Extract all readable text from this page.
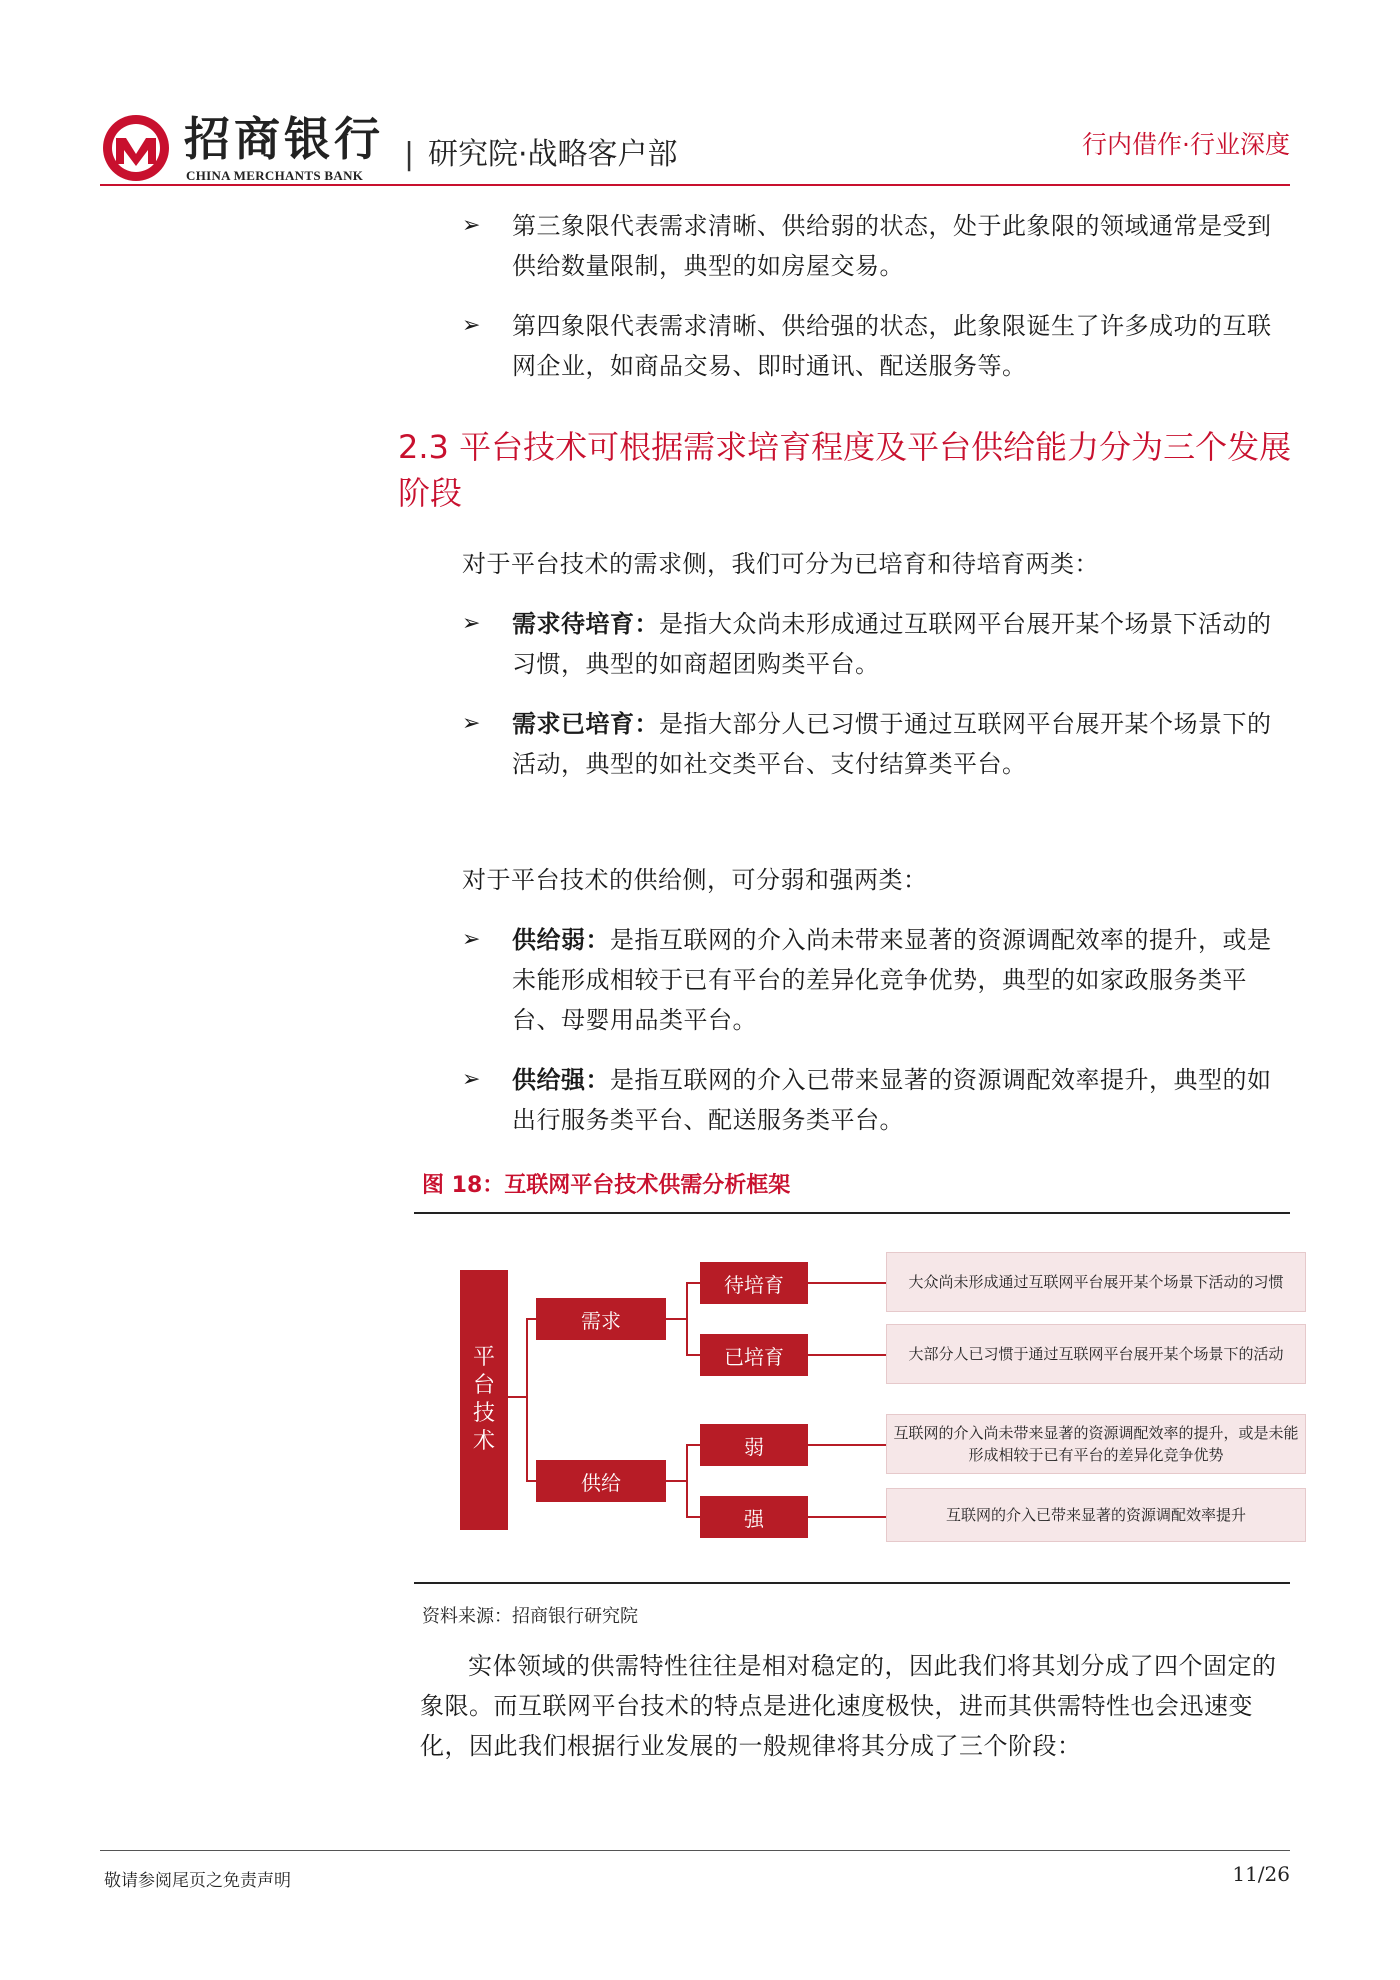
招商银行
CHINA MERCHANTS BANK
| 研究院·战略客户部	行内借作·行业深度
➢	第三象限代表需求清晰、供给弱的状态，处于此象限的领域通常是受到供给数量限制，典型的如房屋交易。
➢	第四象限代表需求清晰、供给强的状态，此象限诞生了许多成功的互联网企业，如商品交易、即时通讯、配送服务等。
2.3 平台技术可根据需求培育程度及平台供给能力分为三个发展阶段
对于平台技术的需求侧，我们可分为已培育和待培育两类：
➢	需求待培育：是指大众尚未形成通过互联网平台展开某个场景下活动的习惯，典型的如商超团购类平台。
➢	需求已培育：是指大部分人已习惯于通过互联网平台展开某个场景下的活动，典型的如社交类平台、支付结算类平台。
对于平台技术的供给侧，可分弱和强两类：
➢	供给弱：是指互联网的介入尚未带来显著的资源调配效率的提升，或是未能形成相较于已有平台的差异化竞争优势，典型的如家政服务类平台、母婴用品类平台。
➢	供给强：是指互联网的介入已带来显著的资源调配效率提升，典型的如出行服务类平台、配送服务类平台。
图 18：互联网平台技术供需分析框架
平
台
技
术
需求
供给
待培育
已培育
弱
强
大众尚未形成通过互联网平台展开某个场景下活动的习惯
大部分人已习惯于通过互联网平台展开某个场景下的活动
互联网的介入尚未带来显著的资源调配效率的提升，或是未能形成相较于已有平台的差异化竞争优势
互联网的介入已带来显著的资源调配效率提升
资料来源：招商银行研究院
实体领域的供需特性往往是相对稳定的，因此我们将其划分成了四个固定的象限。而互联网平台技术的特点是进化速度极快，进而其供需特性也会迅速变化，因此我们根据行业发展的一般规律将其分成了三个阶段：
敬请参阅尾页之免责声明	11/26
